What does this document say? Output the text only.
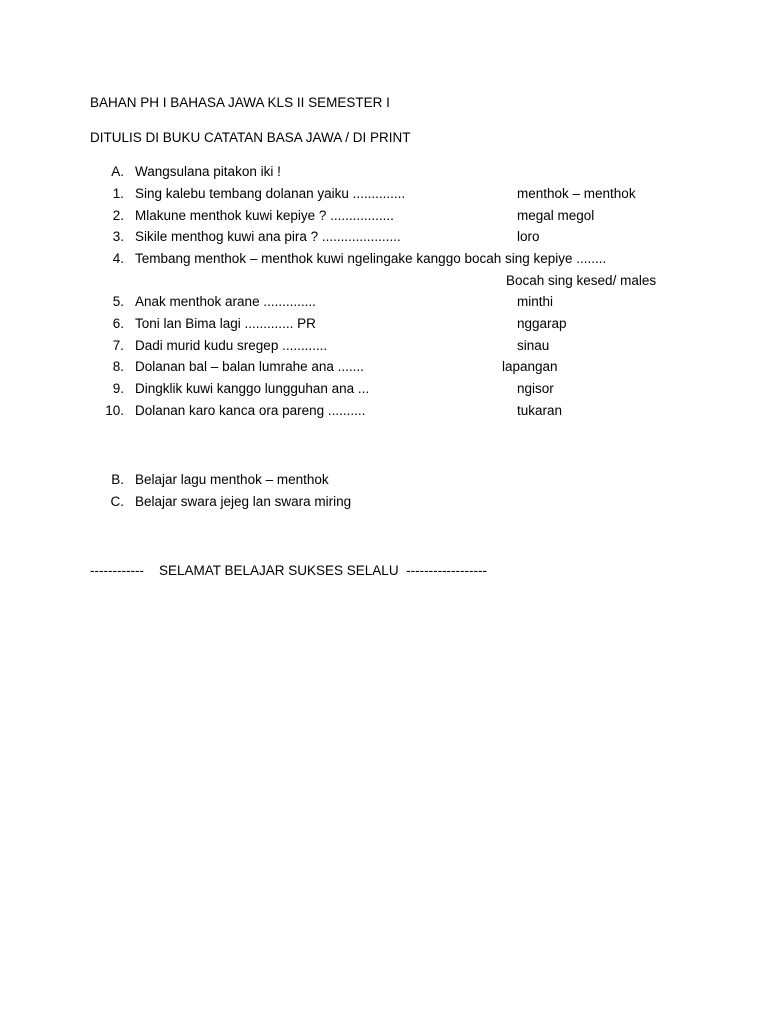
BAHAN PH I BAHASA JAWA KLS II SEMESTER I
DITULIS DI BUKU CATATAN BASA JAWA / DI PRINT
A. Wangsulana pitakon iki !
1. Sing kalebu tembang dolanan yaiku ..............	menthok – menthok
2. Mlakune menthok kuwi kepiye ? .................	megal megol
3. Sikile menthog kuwi ana pira ? .....................	loro
4. Tembang menthok – menthok kuwi ngelingake kanggo bocah sing kepiye ........
Bocah sing kesed/ males
5. Anak menthok arane ..............	minthi
6. Toni lan Bima lagi ............. PR	nggarap
7. Dadi murid kudu sregep ............	sinau
8. Dolanan bal – balan lumrahe ana .......	lapangan
9. Dingklik kuwi kanggo lungguhan ana ...	ngisor
10. Dolanan karo kanca ora pareng ..........	tukaran
B. Belajar lagu menthok – menthok
C. Belajar swara jejeg lan swara miring
------------ SELAMAT BELAJAR SUKSES SELALU ------------------
